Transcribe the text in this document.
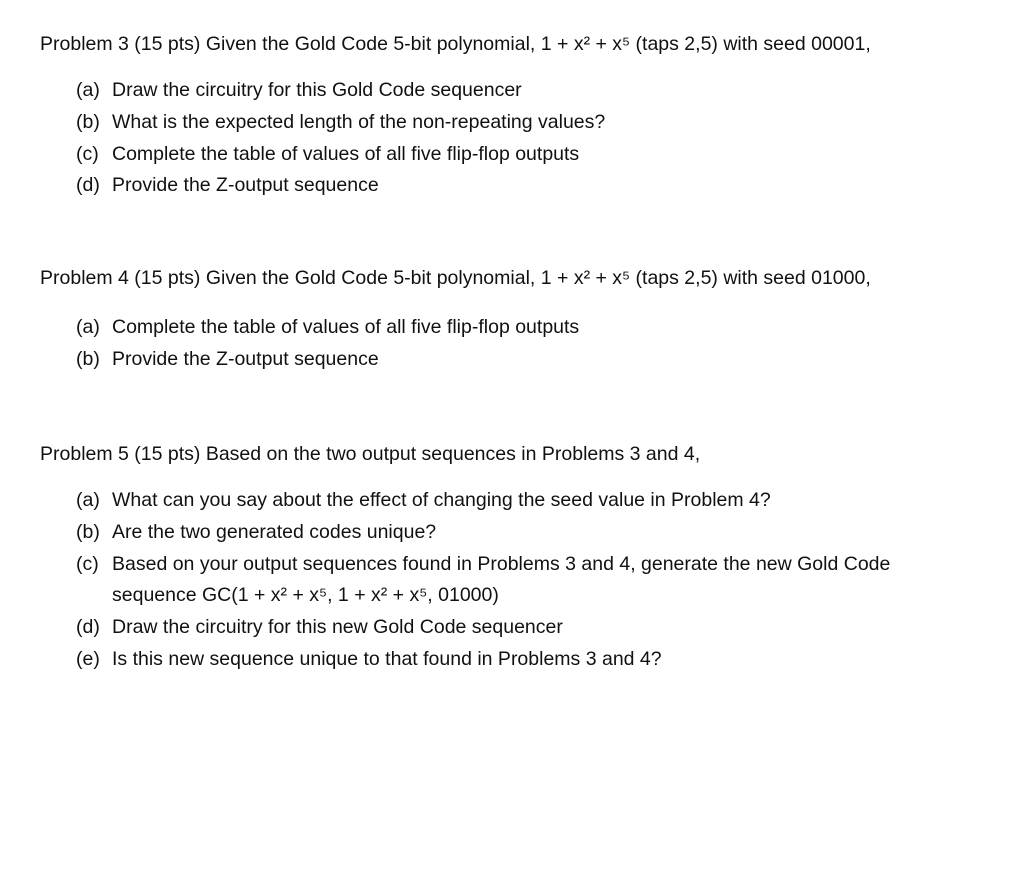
Problem 3 (15 pts) Given the Gold Code 5-bit polynomial, 1 + x² + x⁵ (taps 2,5) with seed 00001,

(a) Draw the circuitry for this Gold Code sequencer
(b) What is the expected length of the non-repeating values?
(c) Complete the table of values of all five flip-flop outputs
(d) Provide the Z-output sequence

Problem 4 (15 pts) Given the Gold Code 5-bit polynomial, 1 + x² + x⁵ (taps 2,5) with seed 01000,

(a) Complete the table of values of all five flip-flop outputs
(b) Provide the Z-output sequence

Problem 5 (15 pts) Based on the two output sequences in Problems 3 and 4,

(a) What can you say about the effect of changing the seed value in Problem 4?
(b) Are the two generated codes unique?
(c) Based on your output sequences found in Problems 3 and 4, generate the new Gold Code sequence GC(1 + x² + x⁵, 1 + x² + x⁵, 01000)
(d) Draw the circuitry for this new Gold Code sequencer
(e) Is this new sequence unique to that found in Problems 3 and 4?
